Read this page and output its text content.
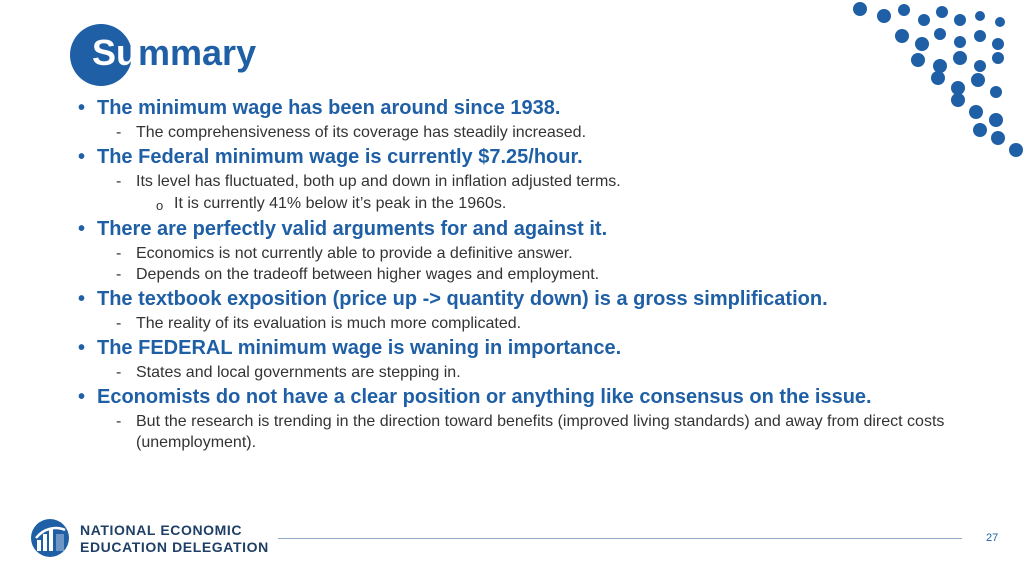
Summary
• The minimum wage has been around since 1938.
- The comprehensiveness of its coverage has steadily increased.
• The Federal minimum wage is currently $7.25/hour.
- Its level has fluctuated, both up and down in inflation adjusted terms.
o It is currently 41% below it’s peak in the 1960s.
• There are perfectly valid arguments for and against it.
- Economics is not currently able to provide a definitive answer.
- Depends on the tradeoff between higher wages and employment.
• The textbook exposition (price up -> quantity down) is a gross simplification.
- The reality of its evaluation is much more complicated.
• The FEDERAL minimum wage is waning in importance.
- States and local governments are stepping in.
• Economists do not have a clear position or anything like consensus on the issue.
- But the research is trending in the direction toward benefits (improved living standards) and away from direct costs (unemployment).
NATIONAL ECONOMIC
EDUCATION DELEGATION
27
